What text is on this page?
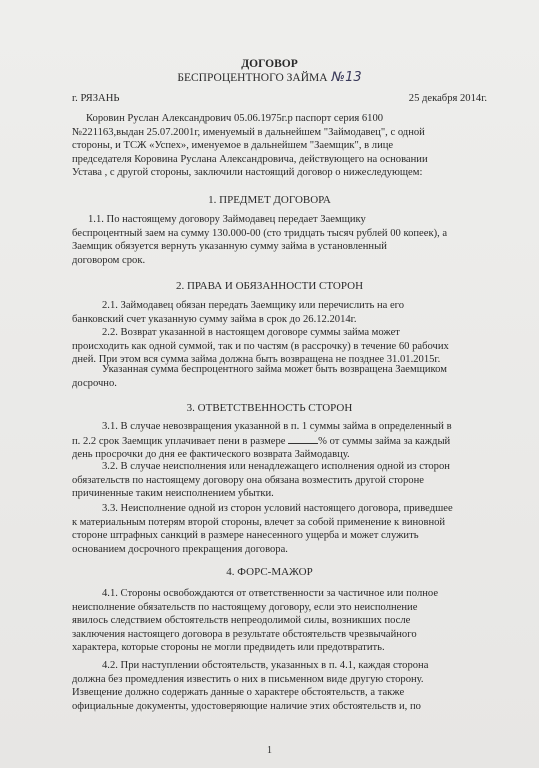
ДОГОВОР
БЕСПРОЦЕНТНОГО ЗАЙМА №13
г. РЯЗАНЬ	25 декабря 2014г.
Коровин Руслан Александрович 05.06.1975г.р паспорт серия 6100
№221163,выдан 25.07.2001г, именуемый в дальнейшем "Займодавец", с одной
стороны, и ТСЖ «Успех», именуемое в дальнейшем "Заемщик", в лице
председателя Коровина Руслана Александровича, действующего на основании
Устава , с другой стороны, заключили настоящий договор о нижеследующем:
1. ПРЕДМЕТ ДОГОВОРА
1.1. По настоящему договору Займодавец передает Заемщику
беспроцентный заем на сумму 130.000-00 (сто тридцать тысяч рублей 00 копеек), а
Заемщик обязуется вернуть указанную сумму займа в установленный
договором срок.
2. ПРАВА И ОБЯЗАННОСТИ СТОРОН
2.1. Займодавец обязан передать Заемщику или перечислить на его
банковский счет указанную сумму займа в срок до 26.12.2014г.
2.2. Возврат указанной в настоящем договоре суммы займа может
происходить как одной суммой, так и по частям (в рассрочку) в течение 60 рабочих
дней. При этом вся сумма займа должна быть возвращена не позднее 31.01.2015г.
Указанная сумма беспроцентного займа может быть возвращена Заемщиком
досрочно.
3. ОТВЕТСТВЕННОСТЬ СТОРОН
3.1. В случае невозвращения указанной в п. 1 суммы займа в определенный в
п. 2.2 срок Заемщик уплачивает пени в размере	% от суммы займа за каждый
день просрочки до дня ее фактического возврата Займодавцу.
3.2. В случае неисполнения или ненадлежащего исполнения одной из сторон
обязательств по настоящему договору она обязана возместить другой стороне
причиненные таким неисполнением убытки.
3.3. Неисполнение одной из сторон условий настоящего договора, приведшее
к материальным потерям второй стороны, влечет за собой применение к виновной
стороне штрафных санкций в размере нанесенного ущерба и может служить
основанием досрочного прекращения договора.
4. ФОРС-МАЖОР
4.1. Стороны освобождаются от ответственности за частичное или полное
неисполнение обязательств по настоящему договору, если это неисполнение
явилось следствием обстоятельств непреодолимой силы, возникших после
заключения настоящего договора в результате обстоятельств чрезвычайного
характера, которые стороны не могли предвидеть или предотвратить.
4.2. При наступлении обстоятельств, указанных в п. 4.1, каждая сторона
должна без промедления известить о них в письменном виде другую сторону.
Извещение должно содержать данные о характере обстоятельств, а также
официальные документы, удостоверяющие наличие этих обстоятельств и, по
1
